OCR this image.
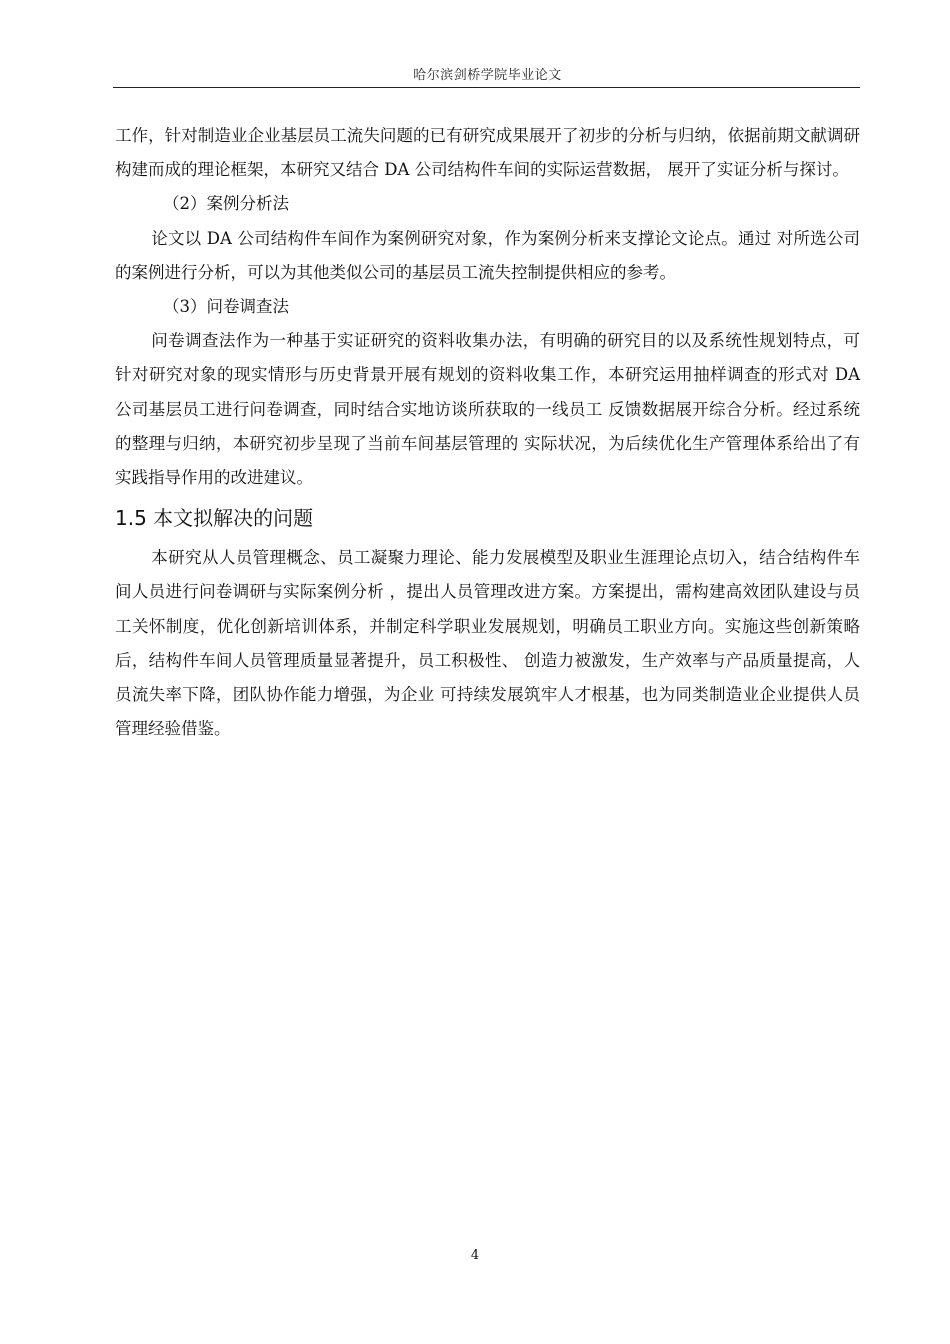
哈尔滨剑桥学院毕业论文

工作，针对制造业企业基层员工流失问题的已有研究成果展开了初步的分析与归纳，依据前期文献调研构建而成的理论框架，本研究又结合 DA 公司结构件车间的实际运营数据， 展开了实证分析与探讨。

（2）案例分析法

论文以 DA 公司结构件车间作为案例研究对象，作为案例分析来支撑论文论点。通过 对所选公司的案例进行分析，可以为其他类似公司的基层员工流失控制提供相应的参考。

（3）问卷调查法

问卷调查法作为一种基于实证研究的资料收集办法，有明确的研究目的以及系统性规划特点，可针对研究对象的现实情形与历史背景开展有规划的资料收集工作，本研究运用抽样调查的形式对 DA 公司基层员工进行问卷调查，同时结合实地访谈所获取的一线员工 反馈数据展开综合分析。经过系统的整理与归纳，本研究初步呈现了当前车间基层管理的 实际状况，为后续优化生产管理体系给出了有实践指导作用的改进建议。

1.5 本文拟解决的问题

本研究从人员管理概念、员工凝聚力理论、能力发展模型及职业生涯理论点切入，结合结构件车间人员进行问卷调研与实际案例分析 ，提出人员管理改进方案。方案提出，需构建高效团队建设与员工关怀制度，优化创新培训体系，并制定科学职业发展规划，明确员工职业方向。实施这些创新策略后，结构件车间人员管理质量显著提升，员工积极性、 创造力被激发，生产效率与产品质量提高，人员流失率下降，团队协作能力增强，为企业 可持续发展筑牢人才根基，也为同类制造业企业提供人员管理经验借鉴。

4
